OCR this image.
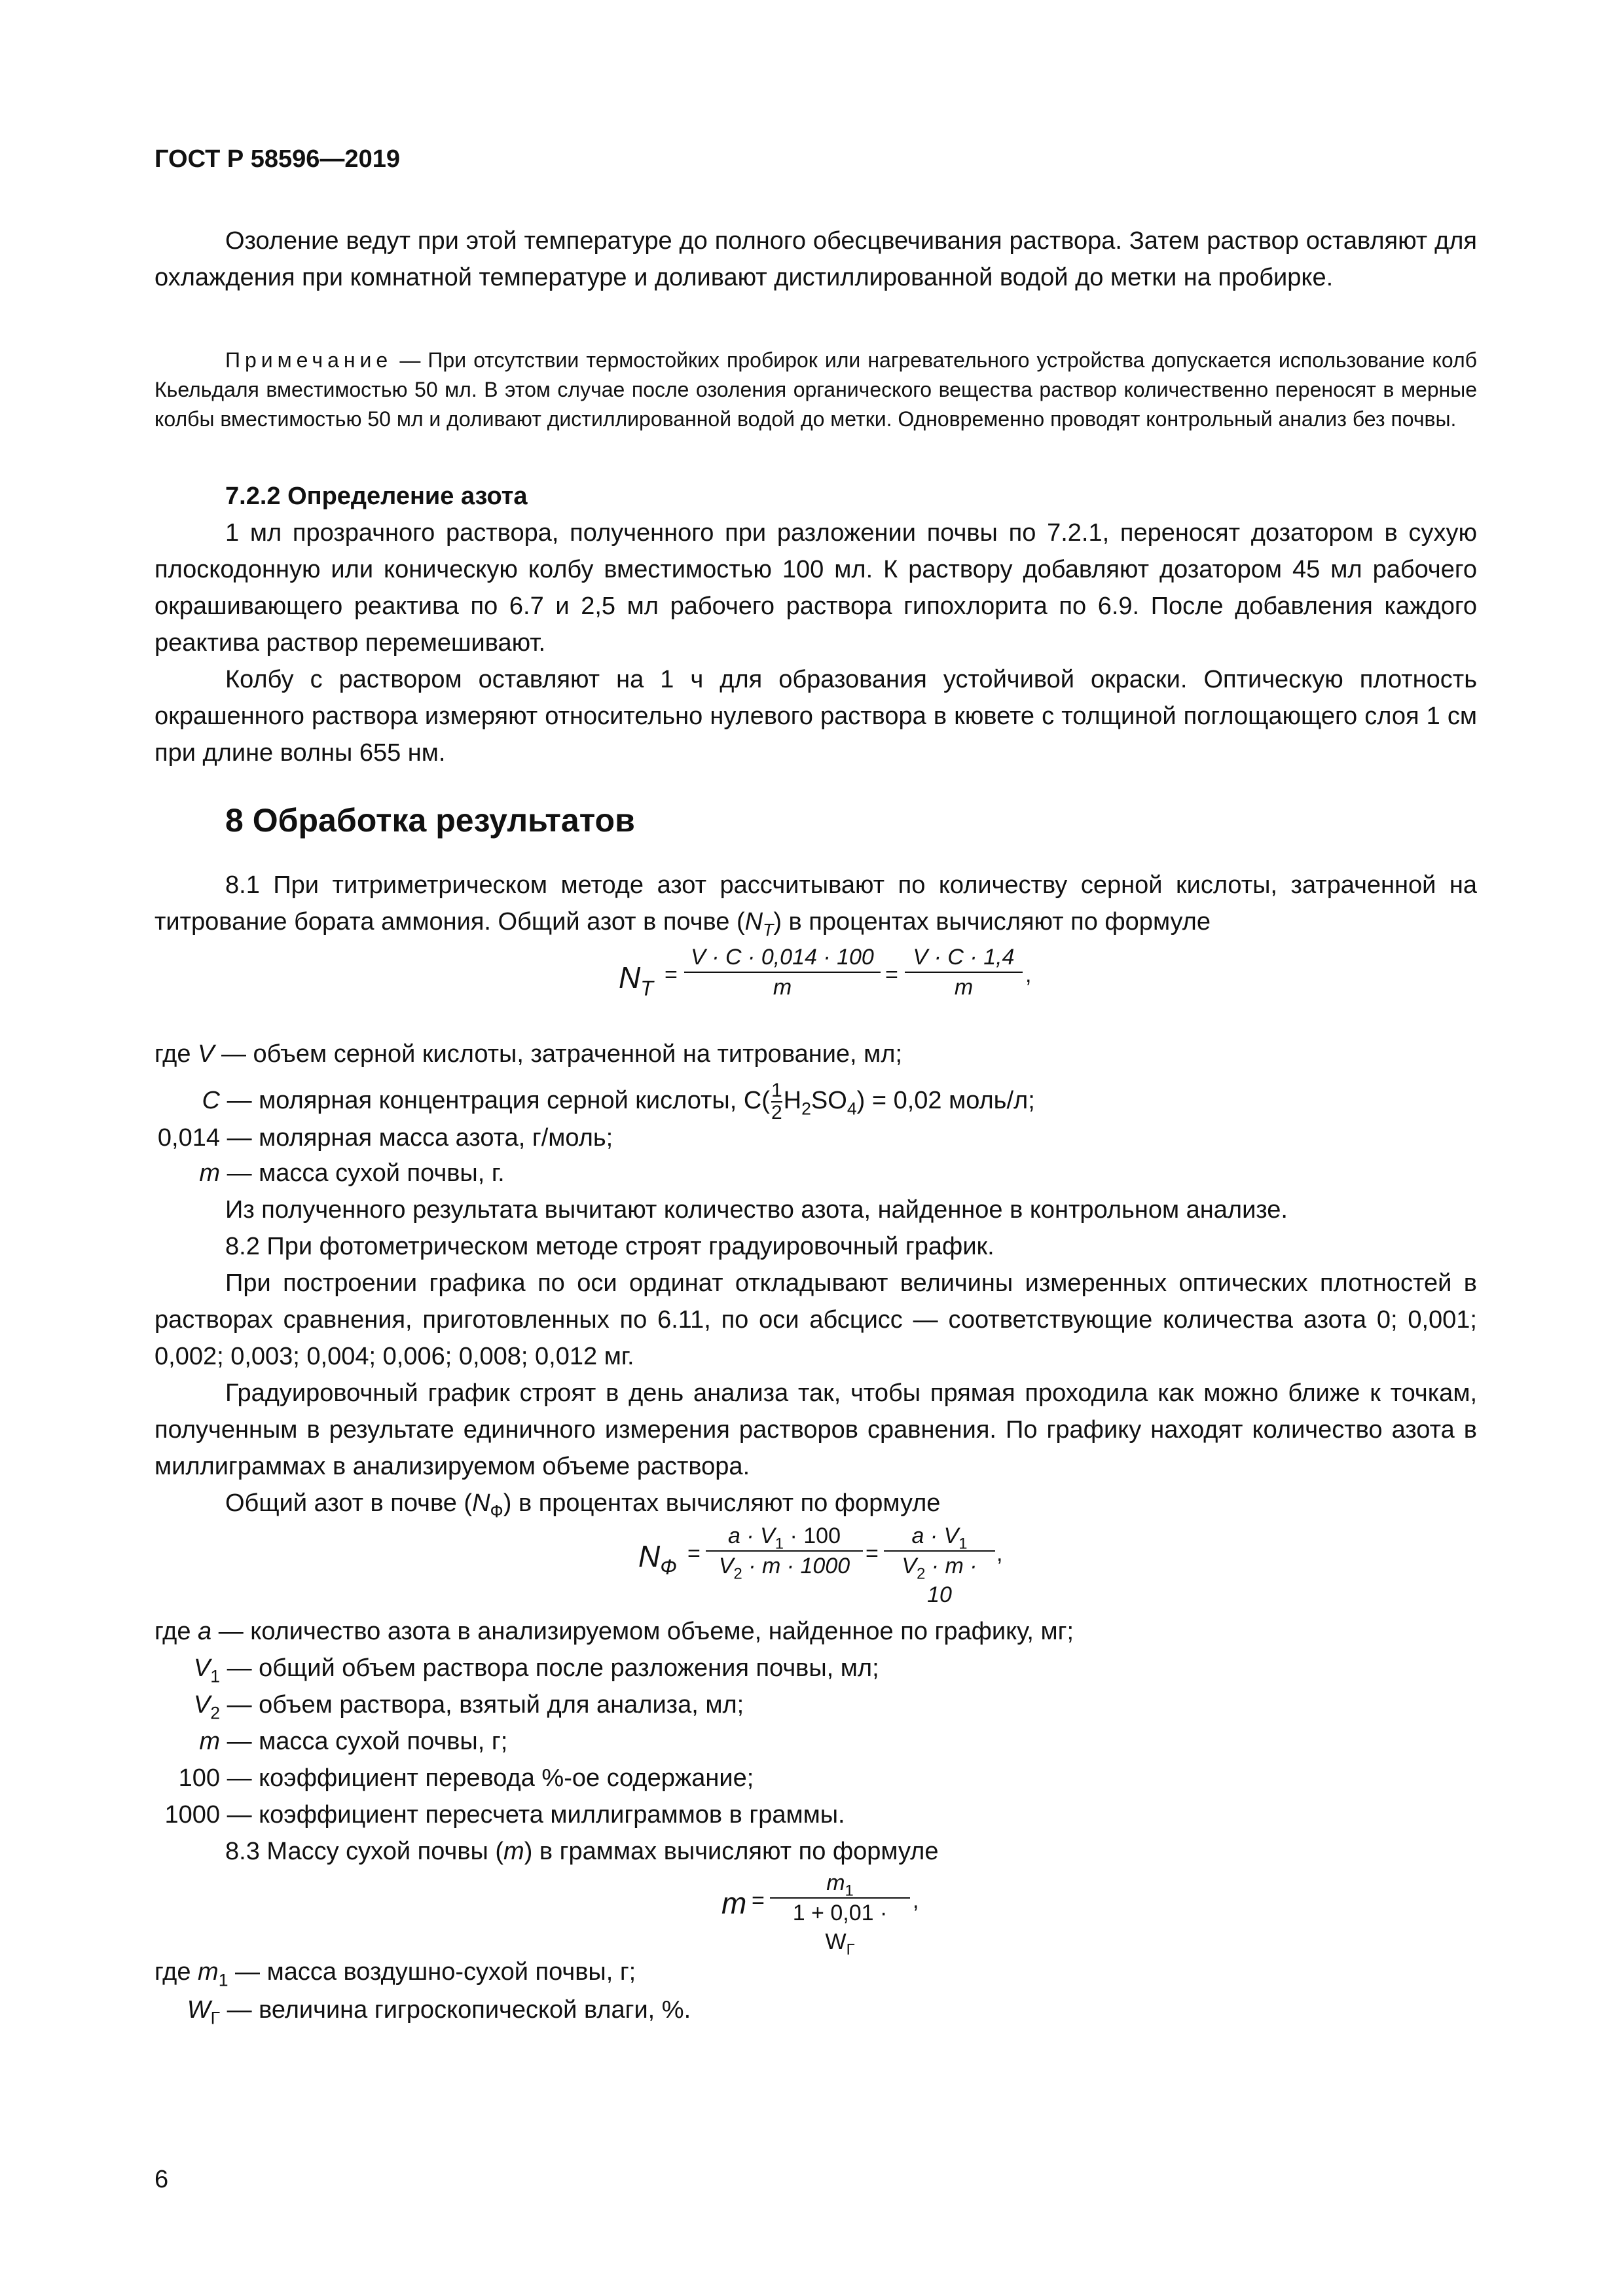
ГОСТ Р 58596—2019
Озоление ведут при этой температуре до полного обесцвечивания раствора. Затем раствор оставляют для охлаждения при комнатной температуре и доливают дистиллированной водой до метки на пробирке.
Примечание — При отсутствии термостойких пробирок или нагревательного устройства допускается использование колб Кьельдаля вместимостью 50 мл. В этом случае после озоления органического вещества раствор количественно переносят в мерные колбы вместимостью 50 мл и доливают дистиллированной водой до метки. Одновременно проводят контрольный анализ без почвы.
7.2.2 Определение азота
1 мл прозрачного раствора, полученного при разложении почвы по 7.2.1, переносят дозатором в сухую плоскодонную или коническую колбу вместимостью 100 мл. К раствору добавляют дозатором 45 мл рабочего окрашивающего реактива по 6.7 и 2,5 мл рабочего раствора гипохлорита по 6.9. После добавления каждого реактива раствор перемешивают.
Колбу с раствором оставляют на 1 ч для образования устойчивой окраски. Оптическую плотность окрашенного раствора измеряют относительно нулевого раствора в кювете с толщиной поглощающего слоя 1 см при длине волны 655 нм.
8 Обработка результатов
8.1 При титриметрическом методе азот рассчитывают по количеству серной кислоты, затраченной на титрование бората аммония. Общий азот в почве $(N_T)$ в процентах вычисляют по формуле
$N_T$
=
V · C · 0,014 · 100
m	=
V · C · 1,4
m	,
где V — объем серной кислоты, затраченной на титрование, мл;
C — молярная концентрация серной кислоты, $C( \frac{1}{2} H_2SO_4) = 0,02$ моль/л;
0,014 — молярная масса азота, г/моль;
m — масса сухой почвы, г.
Из полученного результата вычитают количество азота, найденное в контрольном анализе.
8.2 При фотометрическом методе строят градуировочный график.
При построении графика по оси ординат откладывают величины измеренных оптических плотностей в растворах сравнения, приготовленных по 6.11, по оси абсцисс — соответствующие количества азота 0; 0,001; 0,002; 0,003; 0,004; 0,006; 0,008; 0,012 мг.
Градуировочный график строят в день анализа так, чтобы прямая проходила как можно ближе к точкам, полученным в результате единичного измерения растворов сравнения. По графику находят количество азота в миллиграммах в анализируемом объеме раствора.
Общий азот в почве $(N_Ф)$ в процентах вычисляют по формуле
$N_Ф$
=
$a \cdot V_1 \cdot 100$
$V_2 \cdot m \cdot 1000$ =
$a \cdot V_1$
$V_2 \cdot m \cdot 10$
,
где a — количество азота в анализируемом объеме, найденное по графику, мг;
$V_1$ — общий объем раствора после разложения почвы, мл;
$V_2$ — объем раствора, взятый для анализа, мл;
m — масса сухой почвы, г;
100 — коэффициент перевода %-ое содержание;
1000 — коэффициент пересчета миллиграммов в граммы.
8.3 Массу сухой почвы (m) в граммах вычисляют по формуле
m =
$m_1$
$1 + 0,01 \cdot W_Г$
,
где $m_1$ — масса воздушно-сухой почвы, г;
$W_Г$ — величина гигроскопической влаги, %.
6
